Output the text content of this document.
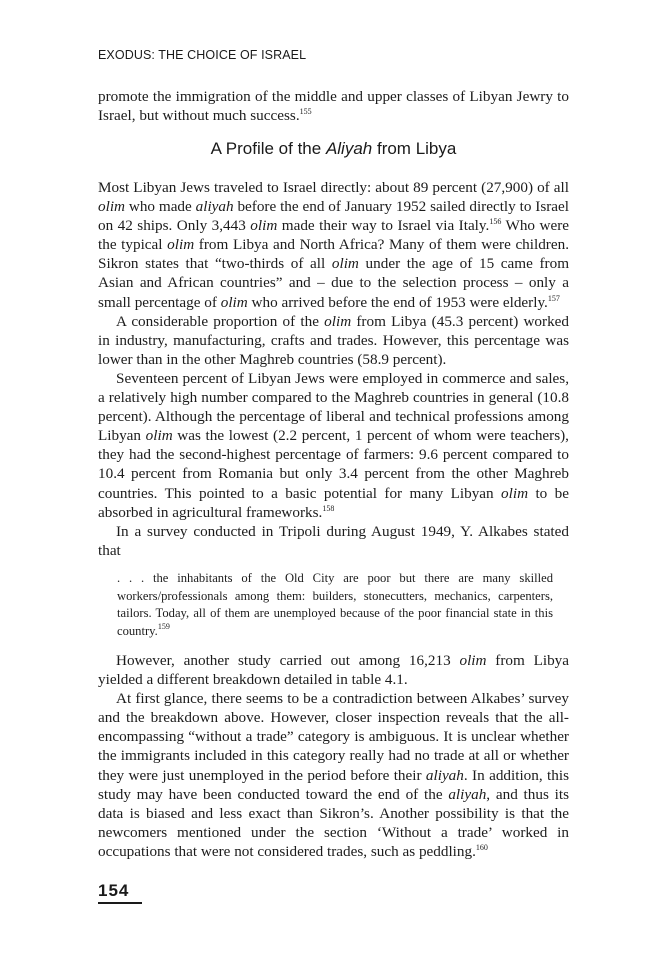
EXODUS: THE CHOICE OF ISRAEL

promote the immigration of the middle and upper classes of Libyan Jewry to Israel, but without much success.$^{155}$

A Profile of the Aliyah from Libya

Most Libyan Jews traveled to Israel directly: about 89 percent (27,900) of all olim who made aliyah before the end of January 1952 sailed directly to Israel on 42 ships. Only 3,443 olim made their way to Israel via Italy.$^{156}$ Who were the typical olim from Libya and North Africa? Many of them were children. Sikron states that “two-thirds of all olim under the age of 15 came from Asian and African countries” and – due to the selection process – only a small percentage of olim who arrived before the end of 1953 were elderly.$^{157}$

A considerable proportion of the olim from Libya (45.3 percent) worked in industry, manufacturing, crafts and trades. However, this percentage was lower than in the other Maghreb countries (58.9 percent).

Seventeen percent of Libyan Jews were employed in commerce and sales, a relatively high number compared to the Maghreb countries in general (10.8 percent). Although the percentage of liberal and technical professions among Libyan olim was the lowest (2.2 percent, 1 percent of whom were teachers), they had the second-highest percentage of farmers: 9.6 percent compared to 10.4 percent from Romania but only 3.4 percent from the other Maghreb countries. This pointed to a basic potential for many Libyan olim to be absorbed in agricultural frameworks.$^{158}$

In a survey conducted in Tripoli during August 1949, Y. Alkabes stated that

. . . the inhabitants of the Old City are poor but there are many skilled workers/professionals among them: builders, stonecutters, mechanics, carpenters, tailors. Today, all of them are unemployed because of the poor financial state in this country.$^{159}$

However, another study carried out among 16,213 olim from Libya yielded a different breakdown detailed in table 4.1.

At first glance, there seems to be a contradiction between Alkabes’ survey and the breakdown above. However, closer inspection reveals that the all-encompassing “without a trade” category is ambiguous. It is unclear whether the immigrants included in this category really had no trade at all or whether they were just unemployed in the period before their aliyah. In addition, this study may have been conducted toward the end of the aliyah, and thus its data is biased and less exact than Sikron’s. Another possibility is that the newcomers mentioned under the section ‘Without a trade’ worked in occupations that were not considered trades, such as peddling.$^{160}$

154
